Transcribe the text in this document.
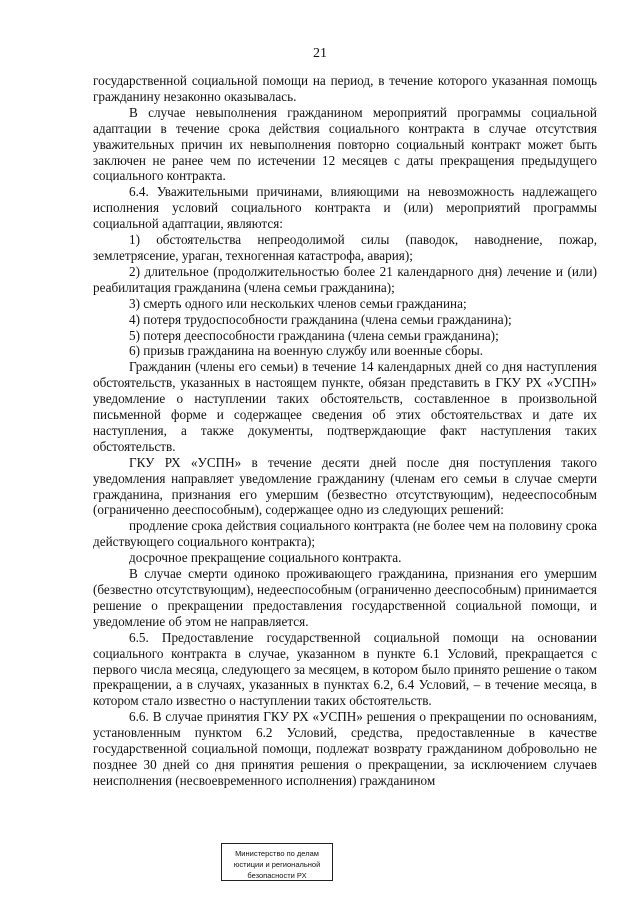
21

государственной социальной помощи на период, в течение которого указанная помощь гражданину незаконно оказывалась.

В случае невыполнения гражданином мероприятий программы социальной адаптации в течение срока действия социального контракта в случае отсутствия уважительных причин их невыполнения повторно социальный контракт может быть заключен не ранее чем по истечении 12 месяцев с даты прекращения предыдущего социального контракта.

6.4. Уважительными причинами, влияющими на невозможность надлежащего исполнения условий социального контракта и (или) мероприятий программы социальной адаптации, являются:

1) обстоятельства непреодолимой силы (паводок, наводнение, пожар, землетрясение, ураган, техногенная катастрофа, авария);

2) длительное (продолжительностью более 21 календарного дня) лечение и (или) реабилитация гражданина (члена семьи гражданина);

3) смерть одного или нескольких членов семьи гражданина;

4) потеря трудоспособности гражданина (члена семьи гражданина);

5) потеря дееспособности гражданина (члена семьи гражданина);

6) призыв гражданина на военную службу или военные сборы.

Гражданин (члены его семьи) в течение 14 календарных дней со дня наступления обстоятельств, указанных в настоящем пункте, обязан представить в ГКУ РХ «УСПН» уведомление о наступлении таких обстоятельств, составленное в произвольной письменной форме и содержащее сведения об этих обстоятельствах и дате их наступления, а также документы, подтверждающие факт наступления таких обстоятельств.

ГКУ РХ «УСПН» в течение десяти дней после дня поступления такого уведомления направляет уведомление гражданину (членам его семьи в случае смерти гражданина, признания его умершим (безвестно отсутствующим), недееспособным (ограниченно дееспособным), содержащее одно из следующих решений:

продление срока действия социального контракта (не более чем на половину срока действующего социального контракта);

досрочное прекращение социального контракта.

В случае смерти одиноко проживающего гражданина, признания его умершим (безвестно отсутствующим), недееспособным (ограниченно дееспособным) принимается решение о прекращении предоставления государственной социальной помощи, и уведомление об этом не направляется.

6.5. Предоставление государственной социальной помощи на основании социального контракта в случае, указанном в пункте 6.1 Условий, прекращается с первого числа месяца, следующего за месяцем, в котором было принято решение о таком прекращении, а в случаях, указанных в пунктах 6.2, 6.4 Условий, – в течение месяца, в котором стало известно о наступлении таких обстоятельств.

6.6. В случае принятия ГКУ РХ «УСПН» решения о прекращении по основаниям, установленным пунктом 6.2 Условий, средства, предоставленные в качестве государственной социальной помощи, подлежат возврату гражданином добровольно не позднее 30 дней со дня принятия решения о прекращении, за исключением случаев неисполнения (несвоевременного исполнения) гражданином

Министерство по делам
юстиции и региональной
безопасности РХ
